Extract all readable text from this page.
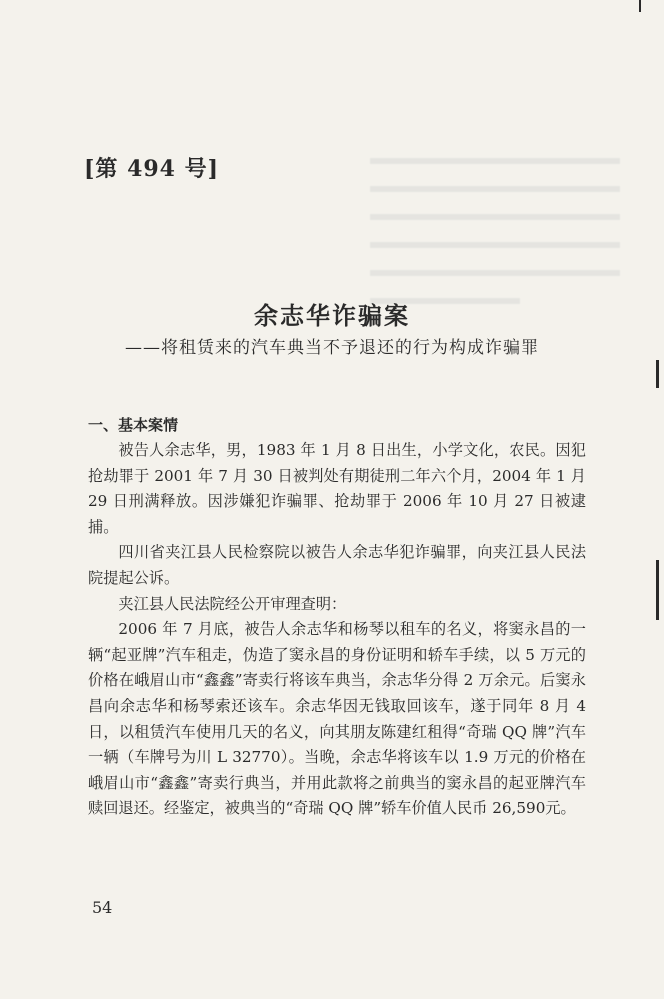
[第 494 号]
余志华诈骗案
——将租赁来的汽车典当不予退还的行为构成诈骗罪
一、基本案情

被告人余志华，男，1983 年 1 月 8 日出生，小学文化，农民。因犯抢劫罪于 2001 年 7 月 30 日被判处有期徒刑二年六个月，2004 年 1 月 29 日刑满释放。因涉嫌犯诈骗罪、抢劫罪于 2006 年 10 月 27 日被逮捕。

四川省夹江县人民检察院以被告人余志华犯诈骗罪，向夹江县人民法院提起公诉。

夹江县人民法院经公开审理查明：

2006 年 7 月底，被告人余志华和杨琴以租车的名义，将窦永昌的一辆“起亚牌”汽车租走，伪造了窦永昌的身份证明和轿车手续，以 5 万元的价格在峨眉山市“鑫鑫”寄卖行将该车典当，余志华分得 2 万余元。后窦永昌向余志华和杨琴索还该车。余志华因无钱取回该车，遂于同年 8 月 4 日，以租赁汽车使用几天的名义，向其朋友陈建红租得“奇瑞 QQ 牌”汽车一辆（车牌号为川 L 32770）。当晚，余志华将该车以 1.9 万元的价格在峨眉山市“鑫鑫”寄卖行典当，并用此款将之前典当的窦永昌的起亚牌汽车赎回退还。经鉴定，被典当的“奇瑞 QQ 牌”轿车价值人民币 26,590元。

54
